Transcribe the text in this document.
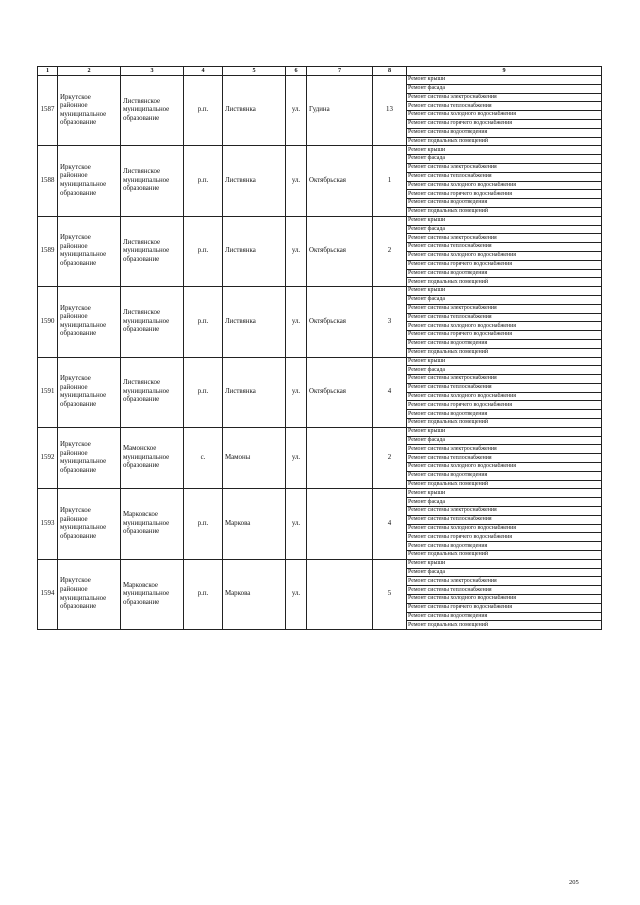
1	2	3	4	5	6	7	8	9

1587	Иркутское районное муниципальное образование	Листвянское муниципальное образование	р.п.	Листвянка	ул.	Гудина	13	Ремонт крыши
								Ремонт фасада
								Ремонт системы электроснабжения
								Ремонт системы теплоснабжения
								Ремонт системы холодного водоснабжения
								Ремонт системы горячего водоснабжения
								Ремонт системы водоотведения
								Ремонт подвальных помещений

1588	Иркутское районное муниципальное образование	Листвянское муниципальное образование	р.п.	Листвянка	ул.	Октябрьская	1	Ремонт крыши
								Ремонт фасада
								Ремонт системы электроснабжения
								Ремонт системы теплоснабжения
								Ремонт системы холодного водоснабжения
								Ремонт системы горячего водоснабжения
								Ремонт системы водоотведения
								Ремонт подвальных помещений

1589	Иркутское районное муниципальное образование	Листвянское муниципальное образование	р.п.	Листвянка	ул.	Октябрьская	2	Ремонт крыши
								Ремонт фасада
								Ремонт системы электроснабжения
								Ремонт системы теплоснабжения
								Ремонт системы холодного водоснабжения
								Ремонт системы горячего водоснабжения
								Ремонт системы водоотведения
								Ремонт подвальных помещений

1590	Иркутское районное муниципальное образование	Листвянское муниципальное образование	р.п.	Листвянка	ул.	Октябрьская	3	Ремонт крыши
								Ремонт фасада
								Ремонт системы электроснабжения
								Ремонт системы теплоснабжения
								Ремонт системы холодного водоснабжения
								Ремонт системы горячего водоснабжения
								Ремонт системы водоотведения
								Ремонт подвальных помещений

1591	Иркутское районное муниципальное образование	Листвянское муниципальное образование	р.п.	Листвянка	ул.	Октябрьская	4	Ремонт крыши
								Ремонт фасада
								Ремонт системы электроснабжения
								Ремонт системы теплоснабжения
								Ремонт системы холодного водоснабжения
								Ремонт системы горячего водоснабжения
								Ремонт системы водоотведения
								Ремонт подвальных помещений

1592	Иркутское районное муниципальное образование	Мамонское муниципальное образование	с.	Мамоны	ул.		2	Ремонт крыши
								Ремонт фасада
								Ремонт системы электроснабжения
								Ремонт системы теплоснабжения
								Ремонт системы холодного водоснабжения
								Ремонт системы водоотведения
								Ремонт подвальных помещений

1593	Иркутское районное муниципальное образование	Марковское муниципальное образование	р.п.	Маркова	ул.		4	Ремонт крыши
								Ремонт фасада
								Ремонт системы электроснабжения
								Ремонт системы теплоснабжения
								Ремонт системы холодного водоснабжения
								Ремонт системы горячего водоснабжения
								Ремонт системы водоотведения
								Ремонт подвальных помещений

1594	Иркутское районное муниципальное образование	Марковское муниципальное образование	р.п.	Маркова	ул.		5	Ремонт крыши
								Ремонт фасада
								Ремонт системы электроснабжения
								Ремонт системы теплоснабжения
								Ремонт системы холодного водоснабжения
								Ремонт системы горячего водоснабжения
								Ремонт системы водоотведения
								Ремонт подвальных помещений
205
